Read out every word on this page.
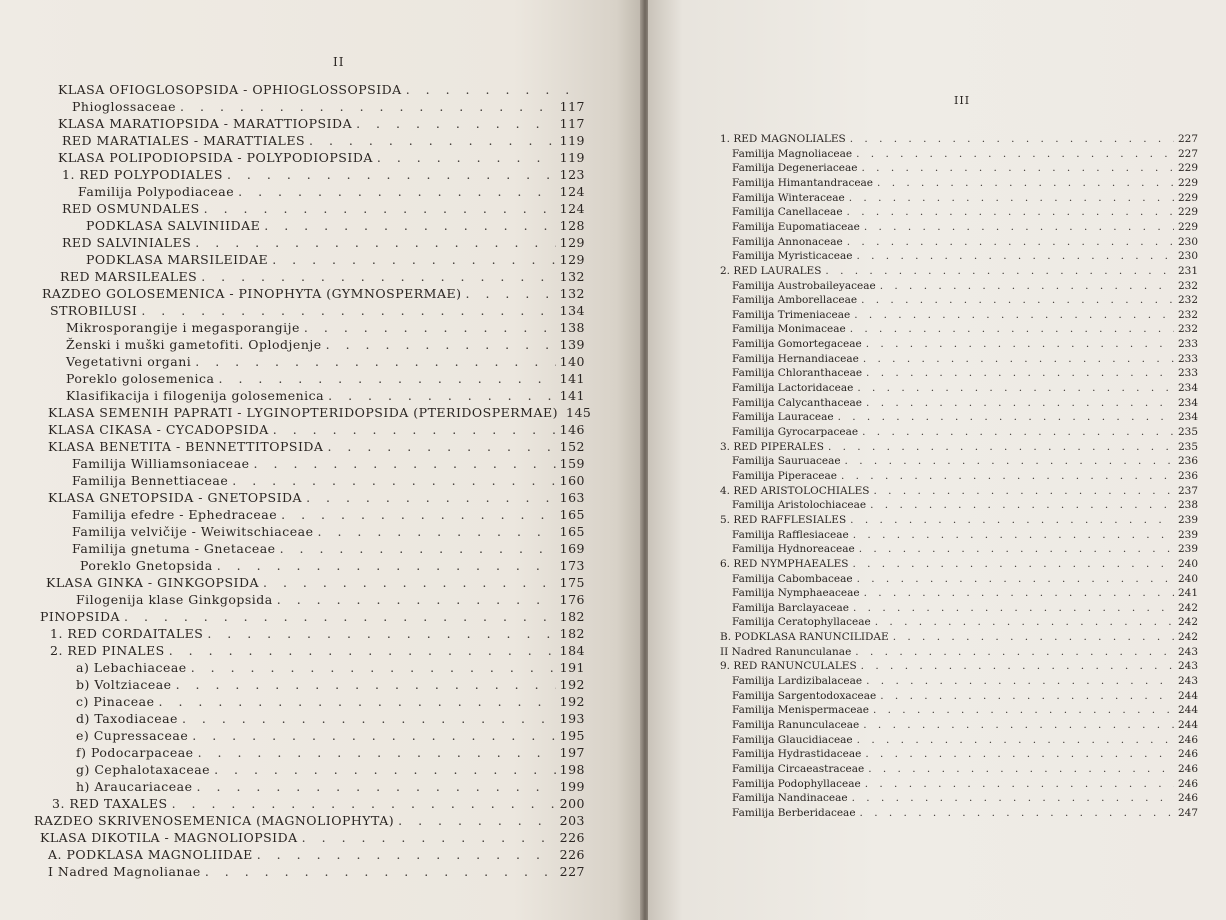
II
KLASA OFIOGLOSOPSIDA - OPHIOGLOSSOPSIDA
. . .
Phioglossaceae . . .	117
KLASA MARATIOPSIDA - MARATTIOPSIDA . . .	117
RED MARATIALES - MARATTIALES . . .	119
KLASA POLIPODIOPSIDA - POLYPODIOPSIDA . . .	119
1. RED POLYPODIALES . . .	123
Familija Polypodiaceae . . .	124
RED OSMUNDALES . . .	124
PODKLASA SALVINIIDAE . . .	128
RED SALVINIALES . . .	129
PODKLASA MARSILEIDAE . . .	129
RED MARSILEALES . . .	132
RAZDEO GOLOSEMENICA - PINOPHYTA (GYMNOSPERMAE) . . .	132
STROBILUSI . . .	134
Mikrosporangije i megasporangije . . .	138
Ženski i muški gametofiti. Oplodjenje . . .	139
Vegetativni organi . . .	140
Poreklo golosemenica . . .	141
Klasifikacija i filogenija golosemenica . . .	141
KLASA SEMENIH PAPRATI - LYGINOPTERIDOPSIDA (PTERIDOSPERMAE) 145
KLASA CIKASA - CYCADOPSIDA . . .	146
KLASA BENETITA - BENNETTITOPSIDA . . .	152
Familija Williamsoniaceae . . .	159
Familija Bennettiaceae . . .	160
KLASA GNETOPSIDA - GNETOPSIDA . . .	163
Familija efedre - Ephedraceae . . .	165
Familija velvičije - Weiwitschiaceae . . .	165
Familija gnetuma - Gnetaceae . . .	169
Poreklo Gnetopsida . . .	173
KLASA GINKA - GINKGOPSIDA . . .	175
Filogenija klase Ginkgopsida . . .	176
PINOPSIDA . . .	182
1. RED CORDAITALES . . .	182
2. RED PINALES . . .	184
a) Lebachiaceae . . .	191
b) Voltziaceae . . .	192
c) Pinaceae . . .	192
d) Taxodiaceae . . .	193
e) Cupressaceae . . .	195
f) Podocarpaceae . . .	197
g) Cephalotaxaceae . . .	198
h) Araucariaceae . . .	199
3. RED TAXALES . . .	200
RAZDEO SKRIVENOSEMENICA (MAGNOLIOPHYTA) . . .	203
KLASA DIKOTILA - MAGNOLIOPSIDA . . .	226
A. PODKLASA MAGNOLIIDAE . . .	226
I Nadred Magnolianae . . .	227
III
1. RED MAGNOLIALES . . .	227
Familija Magnoliaceae . . .	227
Familija Degeneriaceae . . .	229
Familija Himantandraceae . . .	229
Familija Winteraceae . . .	229
Familija Canellaceae . . .	229
Familija Eupomatiaceae . . .	229
Familija Annonaceae . . .	230
Familija Myristicaceae . . .	230
2. RED LAURALES . . .	231
Familija Austrobaileyaceae . . .	232
Familija Amborellaceae . . .	232
Familija Trimeniaceae . . .	232
Familija Monimaceae . . .	232
Familija Gomortegaceae . . .	233
Familija Hernandiaceae . . .	233
Familija Chloranthaceae . . .	233
Familija Lactoridaceae . . .	234
Familija Calycanthaceae . . .	234
Familija Lauraceae . . .	234
Familija Gyrocarpaceae . . .	235
3. RED PIPERALES . . .	235
Familija Sauruaceae . . .	236
Familija Piperaceae . . .	236
4. RED ARISTOLOCHIALES . . .	237
Familija Aristolochiaceae . . .	238
5. RED RAFFLESIALES . . .	239
Familija Rafflesiaceae . . .	239
Familija Hydnoreaceae . . .	239
6. RED NYMPHAEALES . . .	240
Familija Cabombaceae . . .	240
Familija Nymphaeaceae . . .	241
Familija Barclayaceae . . .	242
Familija Ceratophyllaceae . . .	242
B. PODKLASA RANUNCILIDAE . . .	242
II Nadred Ranunculanae . . .	243
9. RED RANUNCULALES . . .	243
Familija Lardizibalaceae . . .	243
Familija Sargentodoxaceae . . .	244
Familija Menispermaceae . . .	244
Familija Ranunculaceae . . .	244
Familija Glaucidiaceae . . .	246
Familija Hydrastidaceae . . .	246
Familija Circaeastraceae . . .	246
Familija Podophyllaceae . . .	246
Familija Nandinaceae . . .	246
Familija Berberidaceae . . .	247
